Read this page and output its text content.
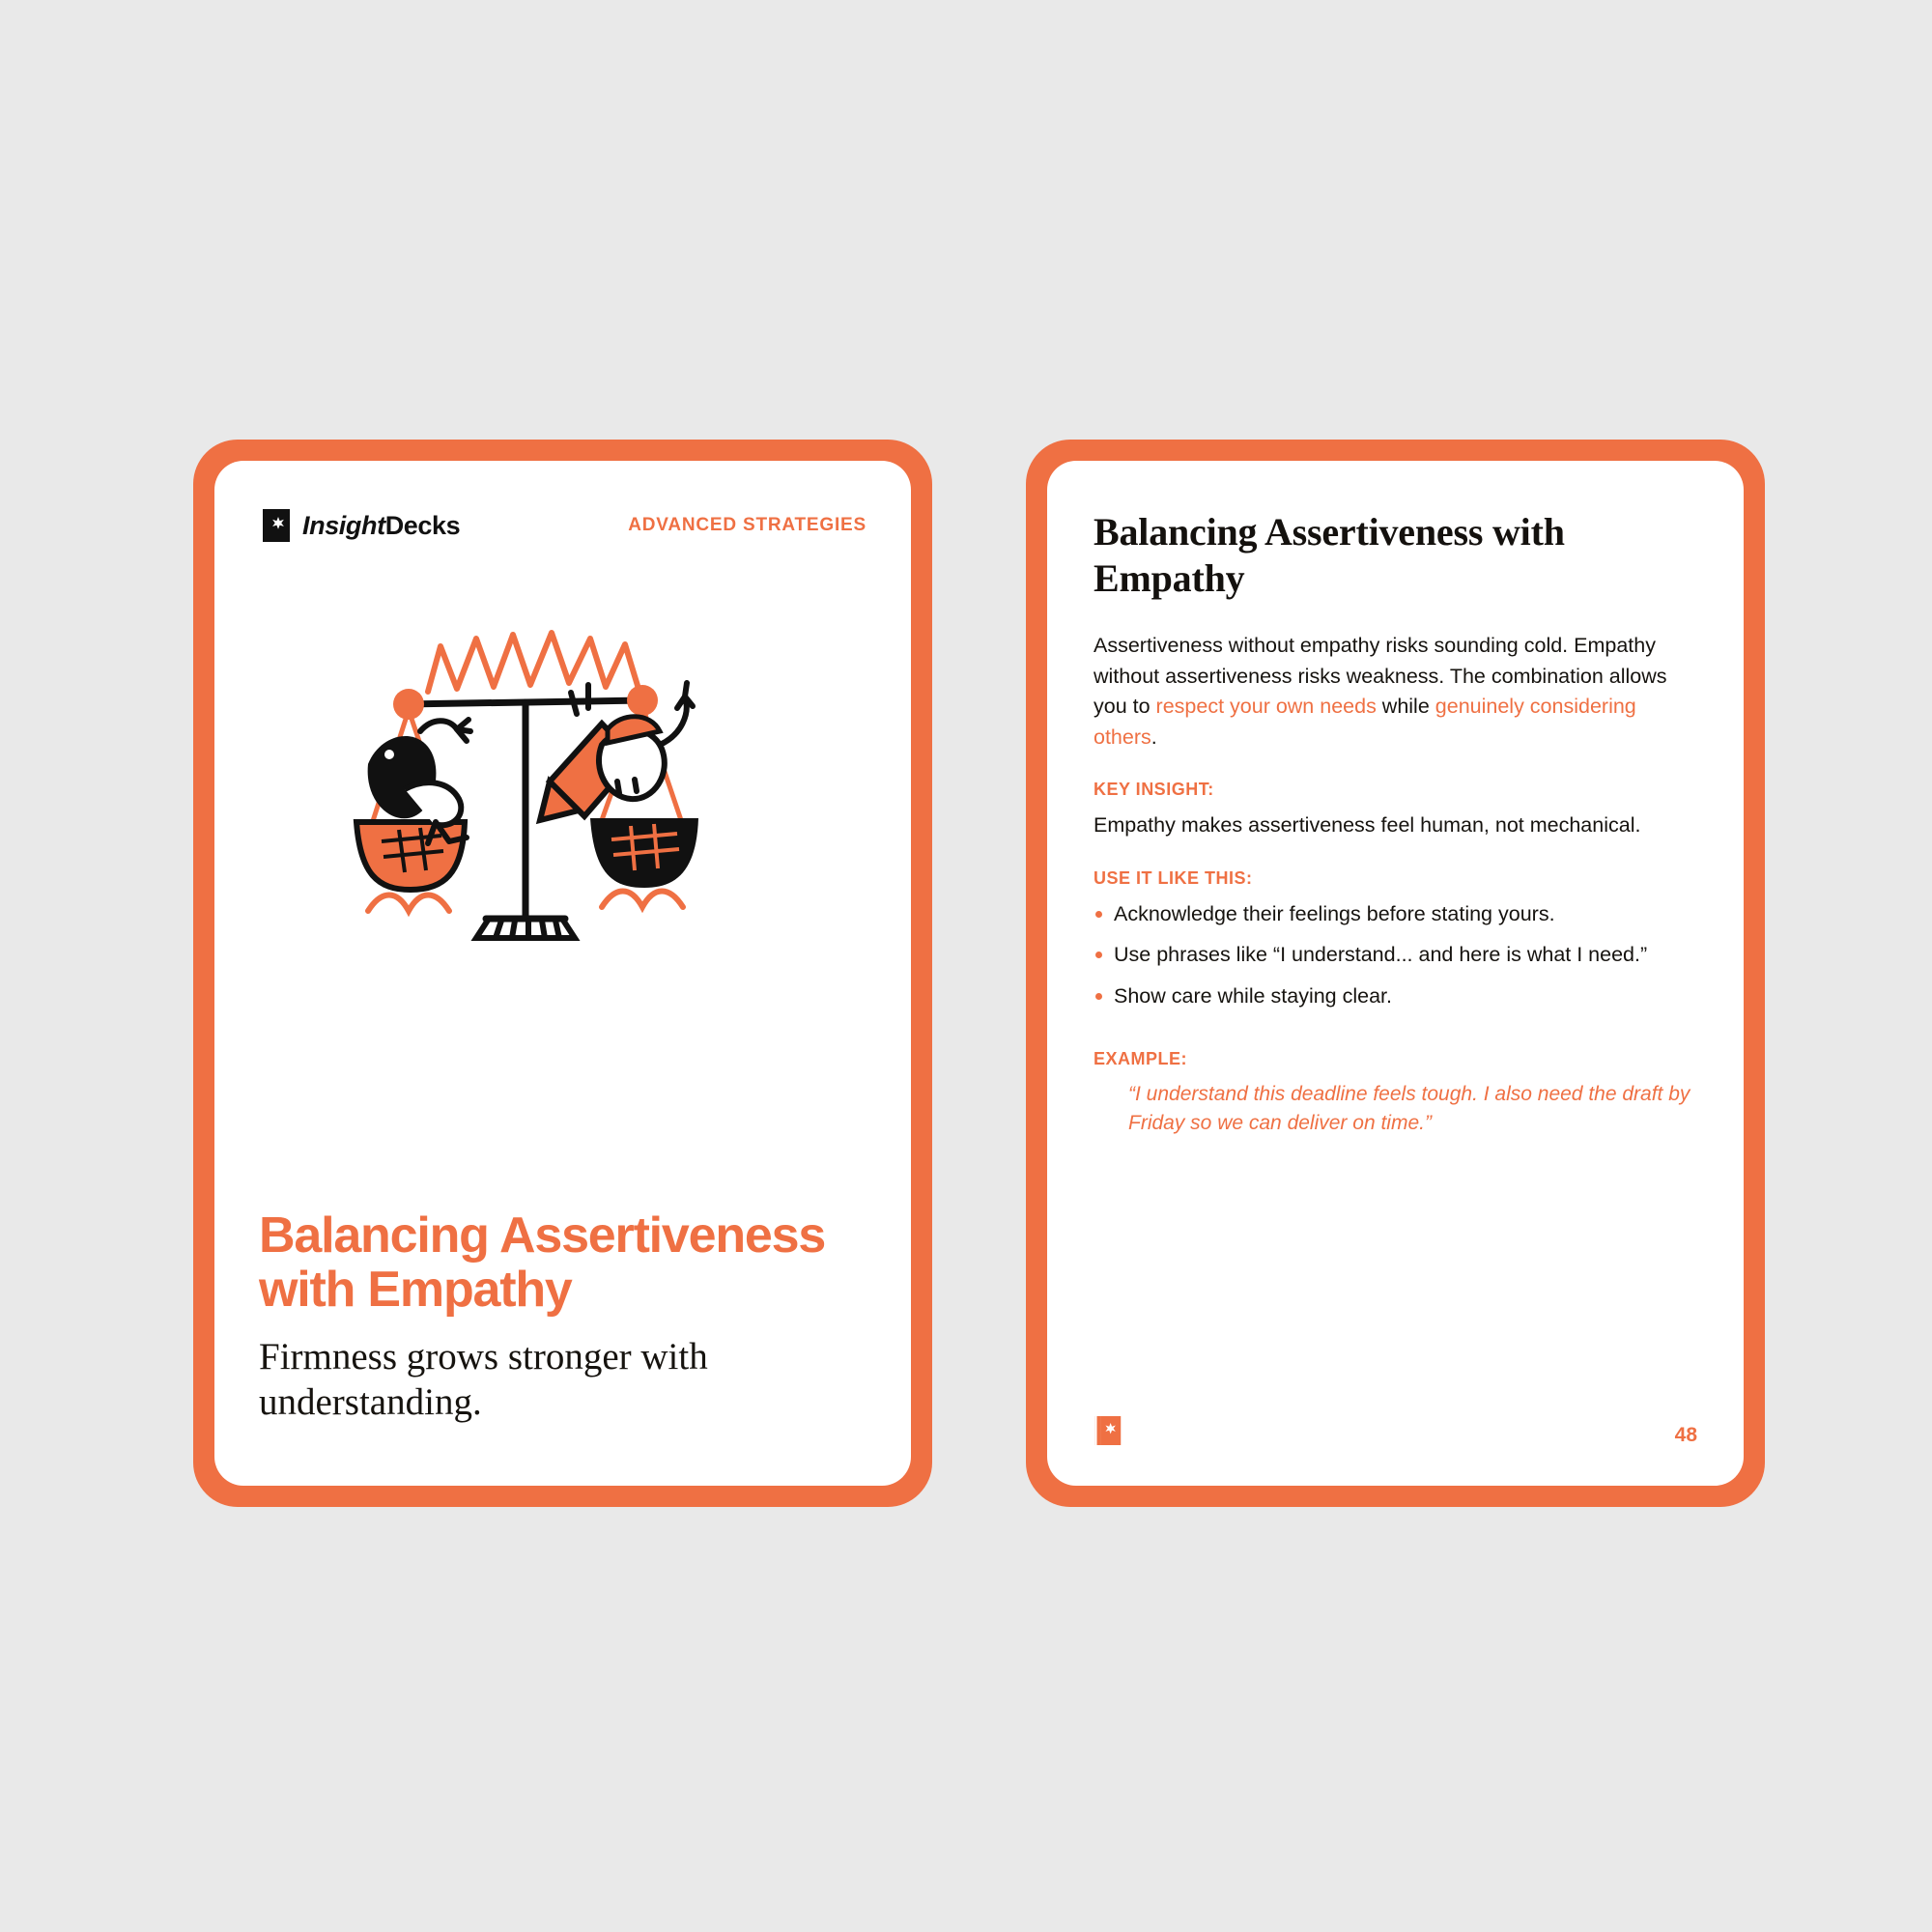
InsightDecks	ADVANCED STRATEGIES
Balancing Assertiveness with Empathy

Firmness grows stronger with understanding.

Balancing Assertiveness with Empathy

Assertiveness without empathy risks sounding cold. Empathy without assertiveness risks weakness. The combination allows you to respect your own needs while genuinely considering others.

KEY INSIGHT:

Empathy makes assertiveness feel human, not mechanical.

USE IT LIKE THIS:

Acknowledge their feelings before stating yours.
Use phrases like “I understand... and here is what I need.”
Show care while staying clear.

EXAMPLE:

“I understand this deadline feels tough. I also need the draft by Friday so we can deliver on time.”

48
